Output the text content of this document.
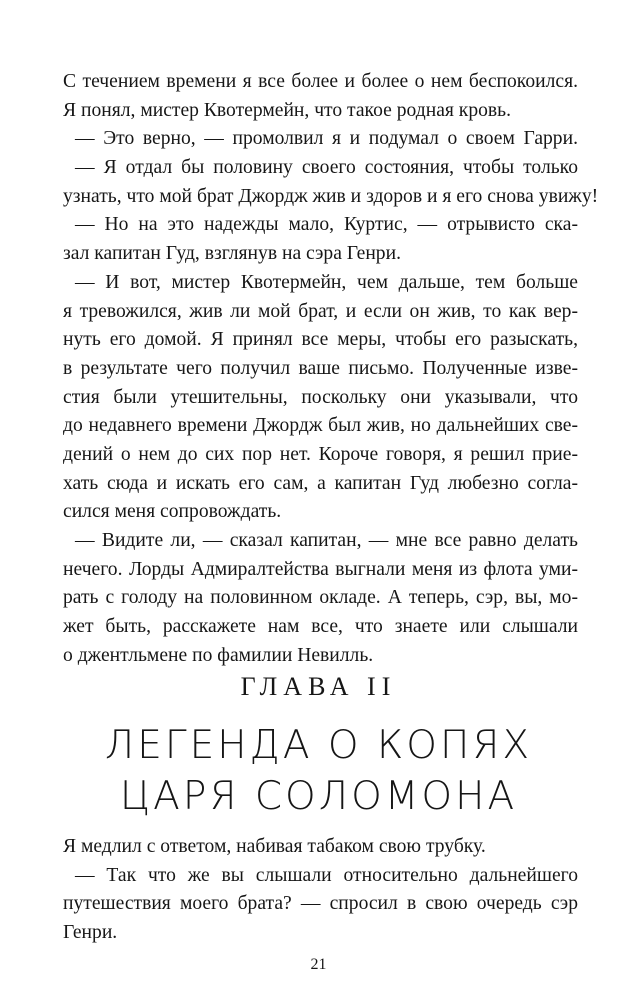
С течением времени я все более и более о нем беспокоился.
Я понял, мистер Квотермейн, что такое родная кровь.
— Это верно, — промолвил я и подумал о своем Гарри.
— Я отдал бы половину своего состояния, чтобы только
узнать, что мой брат Джордж жив и здоров и я его снова увижу!
— Но на это надежды мало, Куртис, — отрывисто ска-
зал капитан Гуд, взглянув на сэра Генри.
— И вот, мистер Квотермейн, чем дальше, тем больше
я тревожился, жив ли мой брат, и если он жив, то как вер-
нуть его домой. Я принял все меры, чтобы его разыскать,
в результате чего получил ваше письмо. Полученные изве-
стия были утешительны, поскольку они указывали, что
до недавнего времени Джордж был жив, но дальнейших све-
дений о нем до сих пор нет. Короче говоря, я решил прие-
хать сюда и искать его сам, а капитан Гуд любезно согла-
сился меня сопровождать.
— Видите ли, — сказал капитан, — мне все равно делать
нечего. Лорды Адмиралтейства выгнали меня из флота уми-
рать с голоду на половинном окладе. А теперь, сэр, вы, мо-
жет быть, расскажете нам все, что знаете или слышали
о джентльмене по фамилии Невилль.
ГЛАВА II
ЛЕГЕНДА О КОПЯХ
ЦАРЯ СОЛОМОНА
Я медлил с ответом, набивая табаком свою трубку.
— Так что же вы слышали относительно дальнейшего
путешествия моего брата? — спросил в свою очередь сэр
Генри.
21
